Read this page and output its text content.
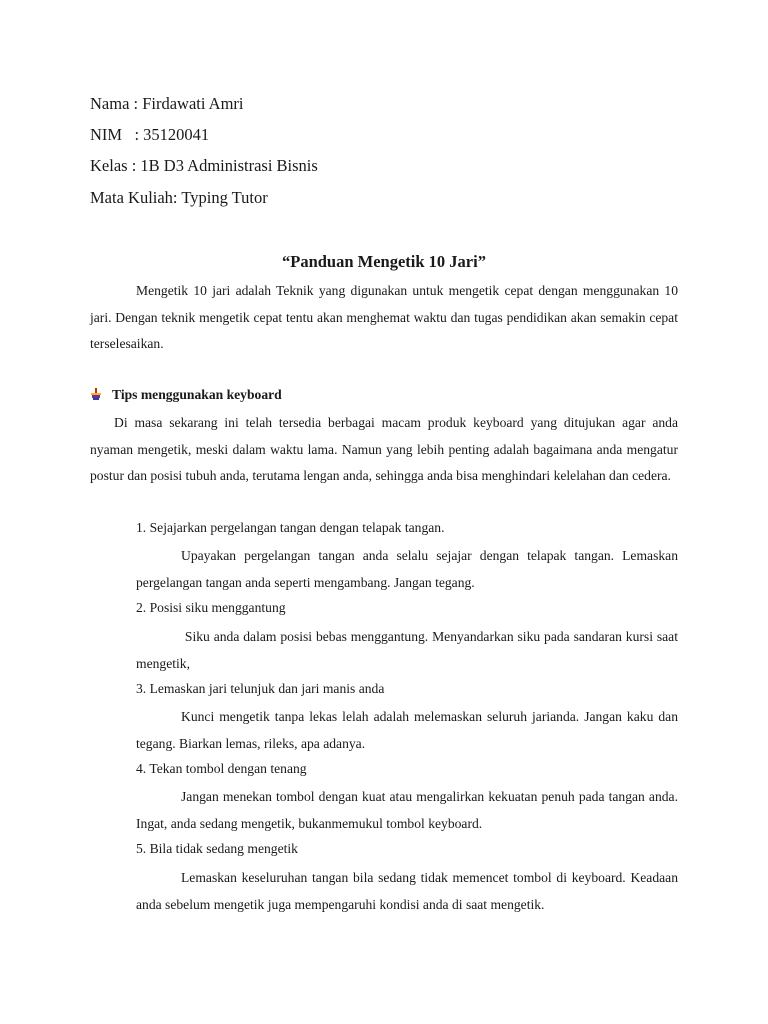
Nama : Firdawati Amri
NIM   : 35120041
Kelas : 1B D3 Administrasi Bisnis
Mata Kuliah: Typing Tutor
“Panduan Mengetik 10 Jari”
Mengetik 10 jari adalah Teknik yang digunakan untuk mengetik cepat dengan menggunakan 10 jari. Dengan teknik mengetik cepat tentu akan menghemat waktu dan tugas pendidikan akan semakin cepat terselesaikan.
Tips menggunakan keyboard
Di masa sekarang ini telah tersedia berbagai macam produk keyboard yang ditujukan agar anda nyaman mengetik, meski dalam waktu lama. Namun yang lebih penting adalah bagaimana anda mengatur postur dan posisi tubuh anda, terutama lengan anda, sehingga anda bisa menghindari kelelahan dan cedera.
1. Sejajarkan pergelangan tangan dengan telapak tangan.
Upayakan pergelangan tangan anda selalu sejajar dengan telapak tangan. Lemaskan pergelangan tangan anda seperti mengambang. Jangan tegang.
2. Posisi siku menggantung
Siku anda dalam posisi bebas menggantung. Menyandarkan siku pada sandaran kursi saat mengetik,
3. Lemaskan jari telunjuk dan jari manis anda
Kunci mengetik tanpa lekas lelah adalah melemaskan seluruh jarianda. Jangan kaku dan tegang. Biarkan lemas, rileks, apa adanya.
4. Tekan tombol dengan tenang
Jangan menekan tombol dengan kuat atau mengalirkan kekuatan penuh pada tangan anda. Ingat, anda sedang mengetik, bukanmemukul tombol keyboard.
5. Bila tidak sedang mengetik
Lemaskan keseluruhan tangan bila sedang tidak memencet tombol di keyboard. Keadaan anda sebelum mengetik juga mempengaruhi kondisi anda di saat mengetik.
